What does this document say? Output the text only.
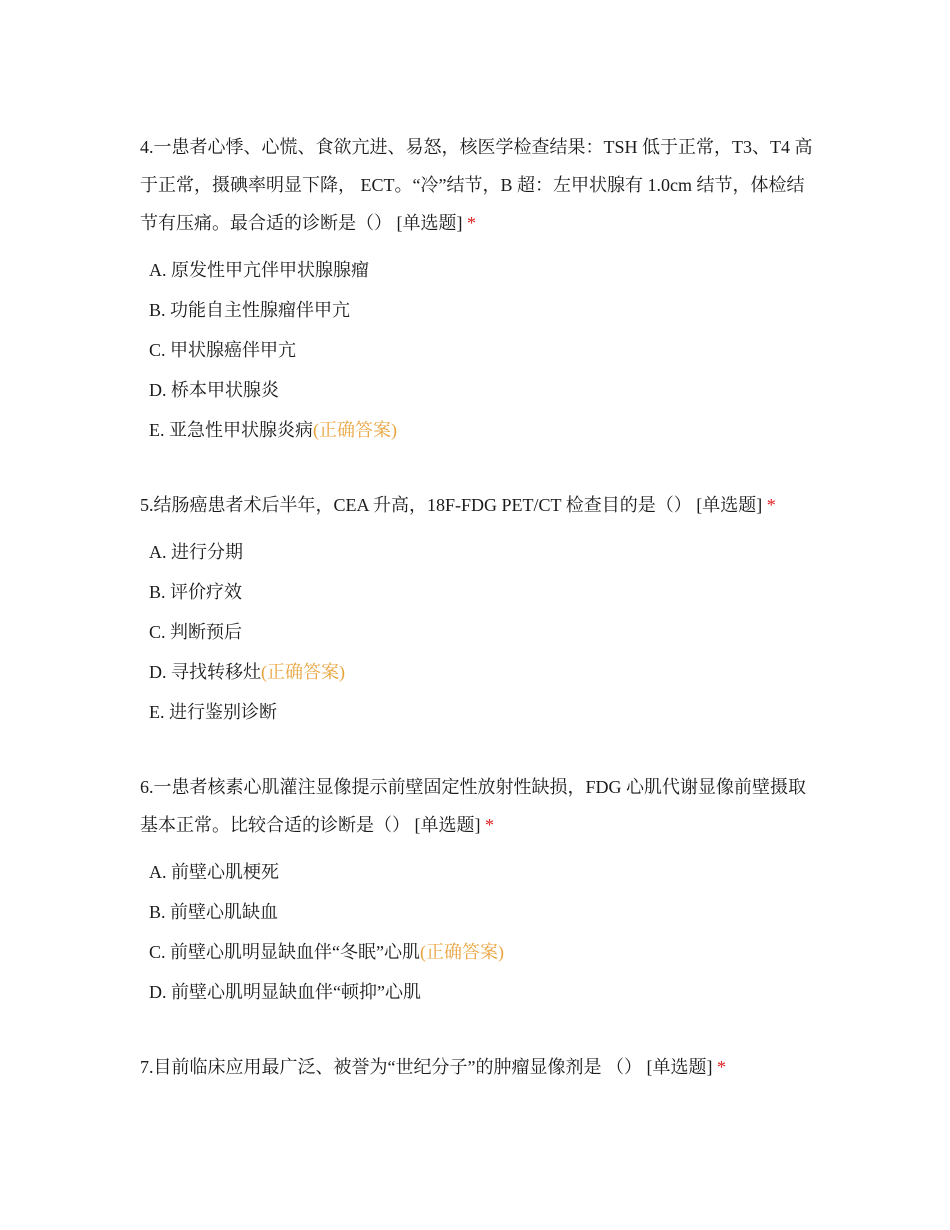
4.一患者心悸、心慌、食欲亢进、易怒，核医学检查结果：TSH 低于正常，T3、T4 高于正常，摄碘率明显下降， ECT。“冷”结节，B 超：左甲状腺有 1.0cm 结节，体检结节有压痛。最合适的诊断是（） [单选题] *

A. 原发性甲亢伴甲状腺腺瘤
B. 功能自主性腺瘤伴甲亢
C. 甲状腺癌伴甲亢
D. 桥本甲状腺炎
E. 亚急性甲状腺炎病(正确答案)

5.结肠癌患者术后半年，CEA 升高，18F-FDG PET/CT 检查目的是（） [单选题] *

A. 进行分期
B. 评价疗效
C. 判断预后
D. 寻找转移灶(正确答案)
E. 进行鉴别诊断

6.一患者核素心肌灌注显像提示前壁固定性放射性缺损，FDG 心肌代谢显像前壁摄取基本正常。比较合适的诊断是（） [单选题] *

A. 前壁心肌梗死
B. 前壁心肌缺血
C. 前壁心肌明显缺血伴“冬眠”心肌(正确答案)
D. 前壁心肌明显缺血伴“顿抑”心肌

7.目前临床应用最广泛、被誉为“世纪分子”的肿瘤显像剂是 （） [单选题] *
